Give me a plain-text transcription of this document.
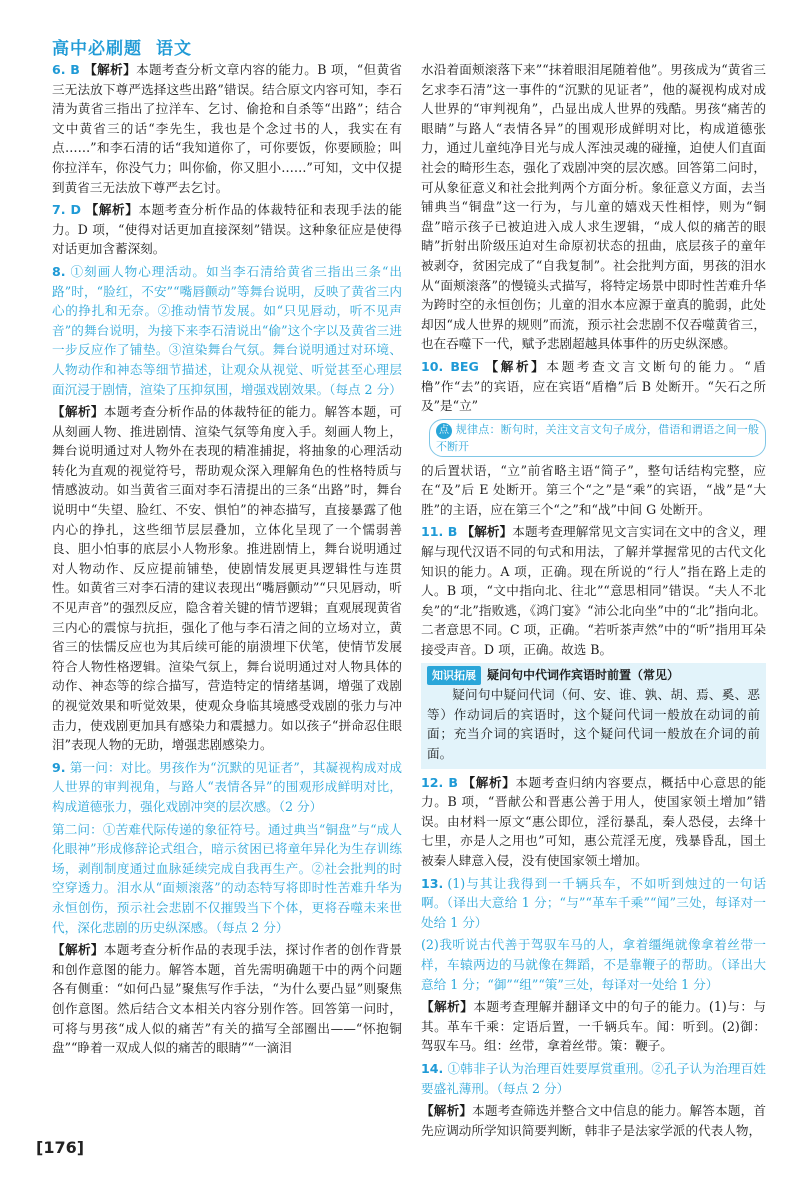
高中必刷题 语文
6. B 【解析】本题考查分析文章内容的能力。B 项，“但黄省三无法放下尊严选择这些出路”错误。结合原文内容可知，李石清为黄省三指出了拉洋车、乞讨、偷抢和自杀等“出路”；结合文中黄省三的话“李先生，我也是个念过书的人，我实在有点……”和李石清的话“我知道你了，可你要饭，你要顾脸；叫你拉洋车，你没气力；叫你偷，你又胆小……”可知，文中仅提到黄省三无法放下尊严去乞讨。
7. D 【解析】本题考查分析作品的体裁特征和表现手法的能力。D 项，“使得对话更加直接深刻”错误。这种象征应是使得对话更加含蓄深刻。
8. ①刻画人物心理活动。如当李石清给黄省三指出三条“出路”时，“脸红，不安”“嘴唇颤动”等舞台说明，反映了黄省三内心的挣扎和无奈。②推动情节发展。如“只见唇动，听不见声音”的舞台说明，为接下来李石清说出“偷”这个字以及黄省三进一步反应作了铺垫。③渲染舞台气氛。舞台说明通过对环境、人物动作和神态等细节描述，让观众从视觉、听觉甚至心理层面沉浸于剧情，渲染了压抑氛围，增强戏剧效果。（每点 2 分）
【解析】本题考查分析作品的体裁特征的能力。解答本题，可从刻画人物、推进剧情、渲染气氛等角度入手。刻画人物上，舞台说明通过对人物外在表现的精准捕捉，将抽象的心理活动转化为直观的视觉符号，帮助观众深入理解角色的性格特质与情感波动。如当黄省三面对李石清提出的三条“出路”时，舞台说明中“失望、脸红、不安、惧怕”的神态描写，直接暴露了他内心的挣扎，这些细节层层叠加，立体化呈现了一个懦弱善良、胆小怕事的底层小人物形象。推进剧情上，舞台说明通过对人物动作、反应提前铺垫，使剧情发展更具逻辑性与连贯性。如黄省三对李石清的建议表现出“嘴唇颤动”“只见唇动，听不见声音”的强烈反应，隐含着关键的情节逻辑；直观展现黄省三内心的震惊与抗拒，强化了他与李石清之间的立场对立，黄省三的怯懦反应也为其后续可能的崩溃埋下伏笔，使情节发展符合人物性格逻辑。渲染气氛上，舞台说明通过对人物具体的动作、神态等的综合描写，营造特定的情绪基调，增强了戏剧的视觉效果和听觉效果，使观众身临其境感受戏剧的张力与冲击力，使戏剧更加具有感染力和震撼力。如以孩子“拼命忍住眼泪”表现人物的无助，增强悲剧感染力。
9. 第一问：对比。男孩作为“沉默的见证者”，其凝视构成对成人世界的审判视角，与路人“表情各异”的围观形成鲜明对比，构成道德张力，强化戏剧冲突的层次感。（2 分）
第二问：①苦难代际传递的象征符号。通过典当“铜盘”与“成人化眼神”形成修辞论式组合，暗示贫困已将童年异化为生存训练场，剥削制度通过血脉延续完成自我再生产。②社会批判的时空穿透力。泪水从“面颊滚落”的动态特写将即时性苦难升华为永恒创伤，预示社会悲剧不仅摧毁当下个体，更将吞噬未来世代，深化悲剧的历史纵深感。（每点 2 分）
【解析】本题考查分析作品的表现手法，探讨作者的创作背景和创作意图的能力。解答本题，首先需明确题干中的两个问题各有侧重：“如何凸显”聚焦写作手法，“为什么要凸显”则聚焦创作意图。然后结合文本相关内容分别作答。回答第一问时，可将与男孩“成人似的痛苦”有关的描写全部圈出——“怀抱铜盘”“睁着一双成人似的痛苦的眼睛”“一滴泪
水沿着面颊滚落下来”“抹着眼泪尾随着他”。男孩成为“黄省三乞求李石清”这一事件的“沉默的见证者”，他的凝视构成对成人世界的“审判视角”，凸显出成人世界的残酷。男孩“痛苦的眼睛”与路人“表情各异”的围观形成鲜明对比，构成道德张力，通过儿童纯净目光与成人浑浊灵魂的碰撞，迫使人们直面社会的畸形生态，强化了戏剧冲突的层次感。回答第二问时，可从象征意义和社会批判两个方面分析。象征意义方面，去当铺典当“铜盘”这一行为，与儿童的嬉戏天性相悖，则为“铜盘”暗示孩子已被迫进入成人求生逻辑，“成人似的痛苦的眼睛”折射出阶级压迫对生命原初状态的扭曲，底层孩子的童年被剥夺，贫困完成了“自我复制”。社会批判方面，男孩的泪水从“面颊滚落”的慢镜头式描写，将特定场景中即时性苦难升华为跨时空的永恒创伤；儿童的泪水本应源于童真的脆弱，此处却因“成人世界的规则”而流，预示社会悲剧不仅吞噬黄省三，也在吞噬下一代，赋予悲剧超越具体事件的历史纵深感。
10. BEG 【解析】本题考查文言文断句的能力。“盾橹”作“去”的宾语，应在宾语“盾橹”后 B 处断开。“矢石之所及”是“立”
点 规律点：断句时，关注文言文句子成分，借语和谓语之间一般不断开
的后置状语，“立”前省略主语“简子”，整句话结构完整，应在“及”后 E 处断开。第三个“之”是“乘”的宾语，“战”是“大胜”的主语，应在第三个“之”和“战”中间 G 处断开。
11. B 【解析】本题考查理解常见文言实词在文中的含义，理解与现代汉语不同的句式和用法，了解并掌握常见的古代文化知识的能力。A 项，正确。现在所说的“行人”指在路上走的人。B 项，“文中指向北、往北”“意思相同”错误。“夫人不北矣”的“北”指败逃，《鸿门宴》“沛公北向坐”中的“北”指向北。二者意思不同。C 项，正确。“若听茶声然”中的“听”指用耳朵接受声音。D 项，正确。故选 B。
知识拓展 疑问句中代词作宾语时前置（常见）
疑问句中疑问代词（何、安、谁、孰、胡、焉、奚、恶等）作动词后的宾语时，这个疑问代词一般放在动词的前面；充当介词的宾语时，这个疑问代词一般放在介词的前面。
12. B 【解析】本题考查归纳内容要点，概括中心意思的能力。B 项，“晋献公和晋惠公善于用人，使国家领土增加”错误。由材料一原文“惠公即位，淫衍暴乱，秦人恐侵，去绛十七里，亦是人之用也”可知，惠公荒淫无度，残暴昏乱，国土被秦人肆意入侵，没有使国家领土增加。
13. (1)与其让我得到一千辆兵车，不如听到烛过的一句话啊。（译出大意给 1 分；“与”“革车千乘”“闻”三处，每译对一处给 1 分）
(2)我听说古代善于驾驭车马的人，拿着缰绳就像拿着丝带一样，车辕两边的马就像在舞蹈，不是靠鞭子的帮助。（译出大意给 1 分；“御”“组”“策”三处，每译对一处给 1 分）
【解析】本题考查理解并翻译文中的句子的能力。(1)与：与其。革车千乘：定语后置，一千辆兵车。闻：听到。(2)御：驾驭车马。组：丝带，拿着丝带。策：鞭子。
14. ①韩非子认为治理百姓要厚赏重刑。②孔子认为治理百姓要盛礼薄刑。（每点 2 分）
【解析】本题考查筛选并整合文中信息的能力。解答本题，首先应调动所学知识简要判断，韩非子是法家学派的代表人物，
[176]
